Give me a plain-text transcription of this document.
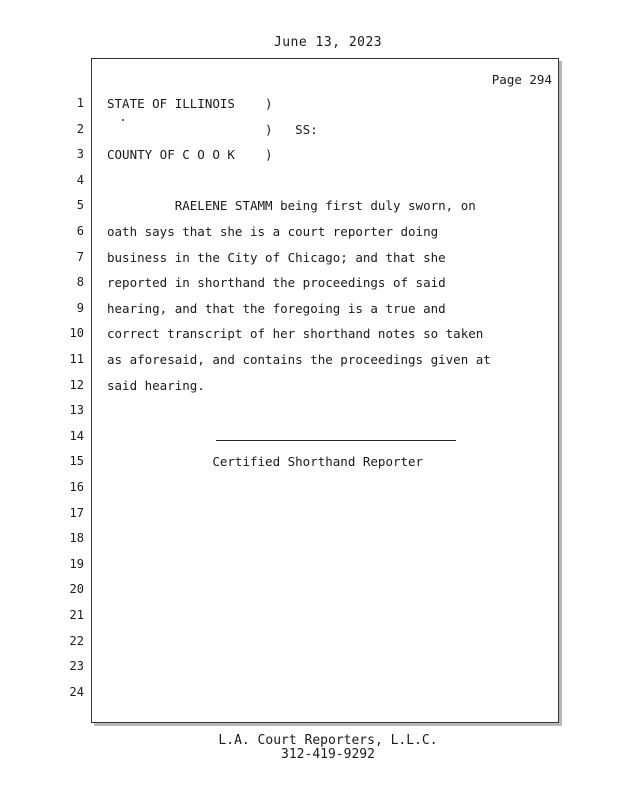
June 13, 2023
Page 294
1 STATE OF ILLINOIS    )
2 )   SS:
3 COUNTY OF C O O K    )
4
5 RAELENE STAMM being first duly sworn, on
6 oath says that she is a court reporter doing
7 business in the City of Chicago; and that she
8 reported in shorthand the proceedings of said
9 hearing, and that the foregoing is a true and
10 correct transcript of her shorthand notes so taken
11 as aforesaid, and contains the proceedings given at
12 said hearing.
13
14
15 Certified Shorthand Reporter
16
17
18
19
20
21
22
23
24
L.A. Court Reporters, L.L.C.
312-419-9292
